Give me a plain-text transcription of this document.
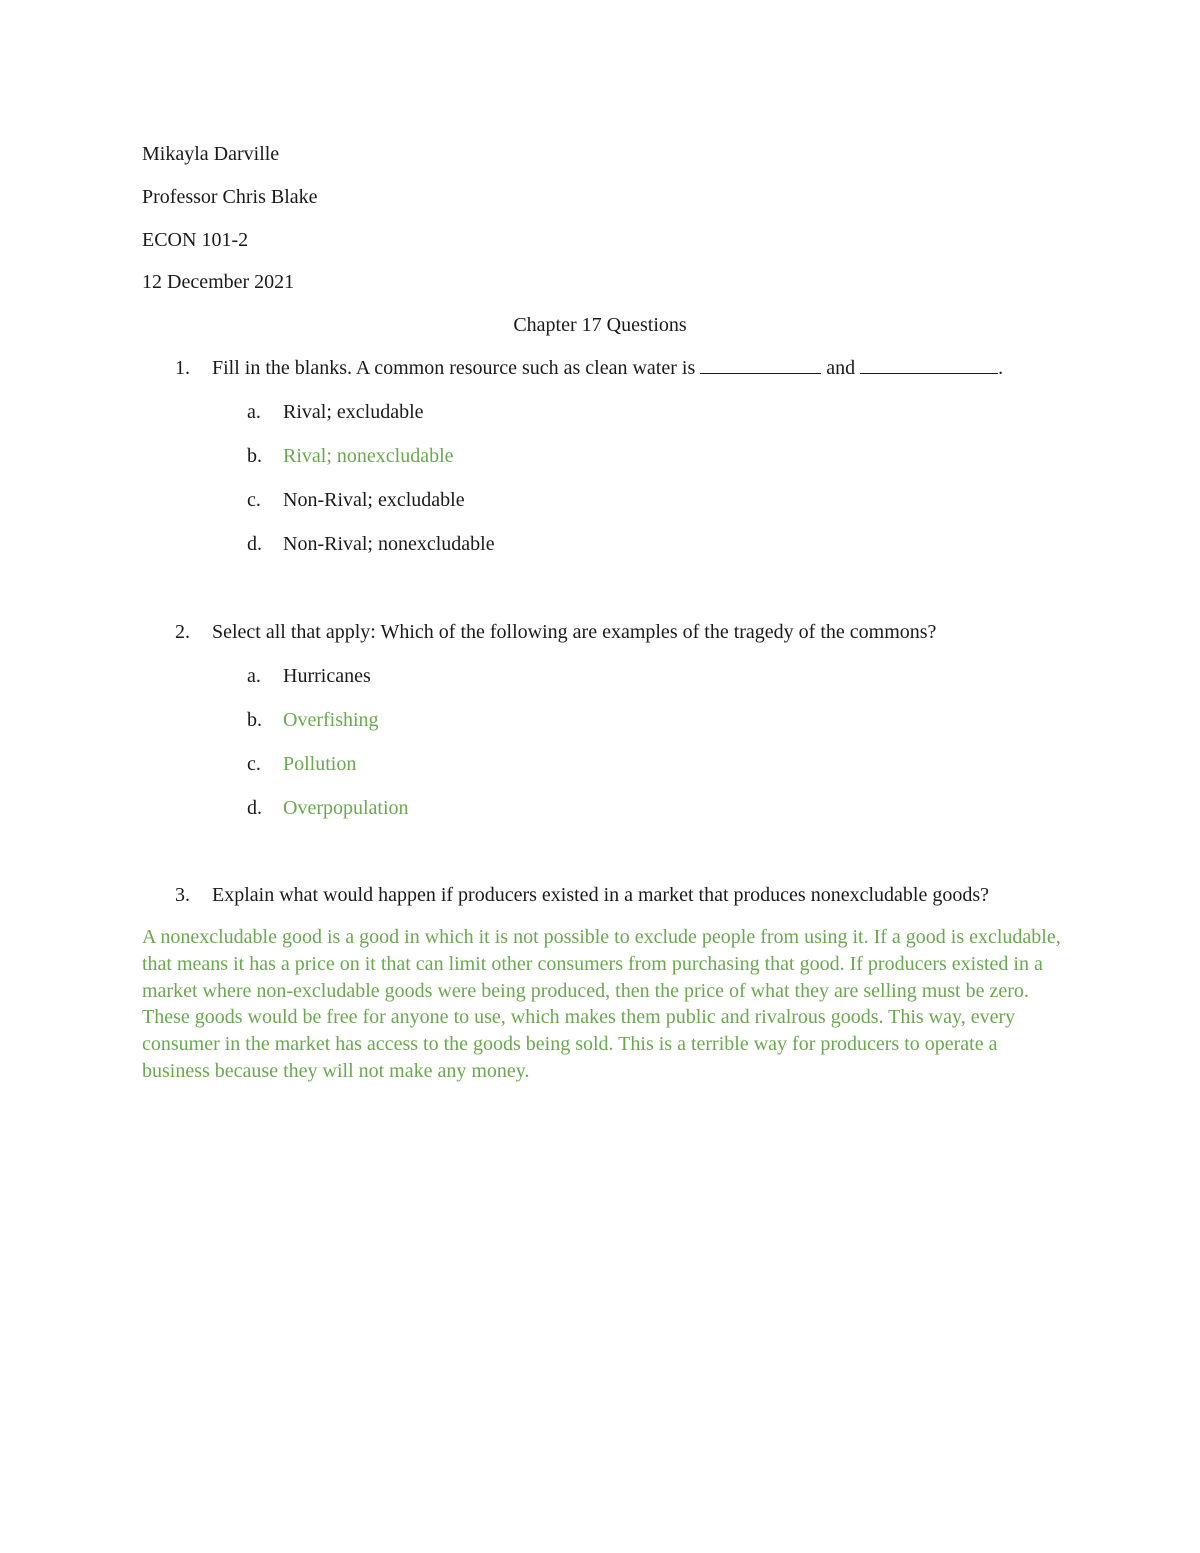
Mikayla Darville
Professor Chris Blake
ECON 101-2
12 December 2021
Chapter 17 Questions
1. Fill in the blanks. A common resource such as clean water is	and	.
a. Rival; excludable
b. Rival; nonexcludable
c. Non-Rival; excludable
d. Non-Rival; nonexcludable
2. Select all that apply: Which of the following are examples of the tragedy of the commons?
a. Hurricanes
b. Overfishing
c. Pollution
d. Overpopulation
3. Explain what would happen if producers existed in a market that produces nonexcludable goods?
A nonexcludable good is a good in which it is not possible to exclude people from using it. If a good is excludable, that means it has a price on it that can limit other consumers from purchasing that good. If producers existed in a market where non-excludable goods were being produced, then the price of what they are selling must be zero. These goods would be free for anyone to use, which makes them public and rivalrous goods. This way, every consumer in the market has access to the goods being sold. This is a terrible way for producers to operate a business because they will not make any money.
